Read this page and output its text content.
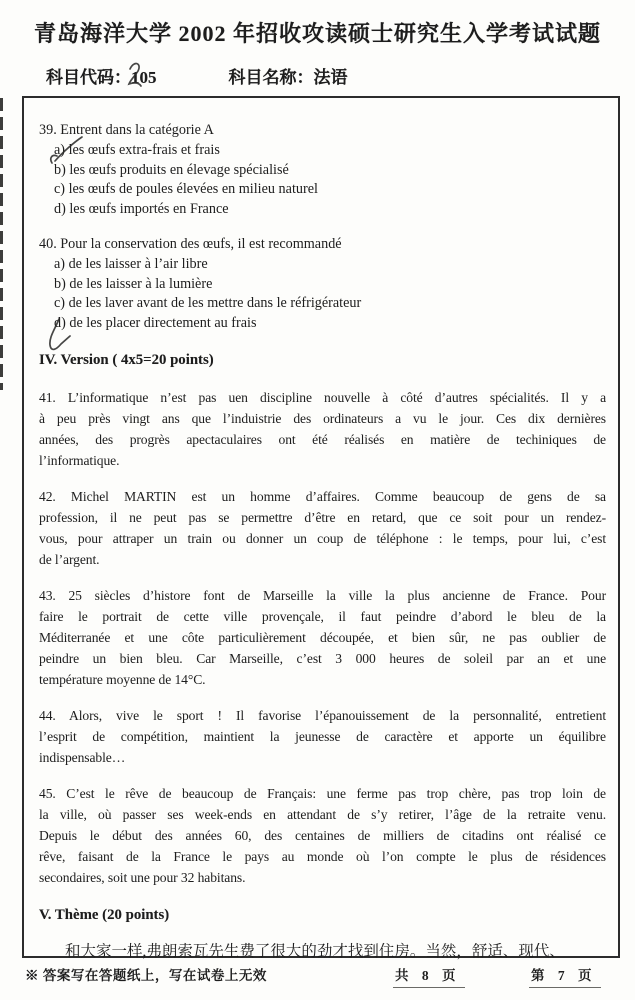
青岛海洋大学 2002 年招收攻读硕士研究生入学考试试题
科目代码：105	科目名称：法语
39. Entrent dans la catégorie A
a) les œufs extra-frais et frais
b) les œufs produits en élevage spécialisé
c) les œufs de poules élevées en milieu naturel
d) les œufs importés en France
40. Pour la conservation des œufs, il est recommandé
a) de les laisser à l’air libre
b) de les laisser à la lumière
c) de les laver avant de les mettre dans le réfrigérateur
d) de les placer directement au frais
IV. Version ( 4x5=20 points)
41. L’informatique n’est pas uen discipline nouvelle à côté d’autres spécialités. Il y a
à peu près vingt ans que l’induistrie des ordinateurs a vu le jour. Ces dix dernières
années, des progrès apectaculaires ont été réalisés en matière de techiniques de
l’informatique.
42. Michel MARTIN est un homme d’affaires. Comme beaucoup de gens de sa
profession, il ne peut pas se permettre d’être en retard, que ce soit pour un rendez-
vous, pour attraper un train ou donner un coup de téléphone : le temps, pour lui, c’est
de l’argent.
43. 25 siècles d’histore font de Marseille la ville la plus ancienne de France. Pour
faire le portrait de cette ville provençale, il faut peindre d’abord le bleu de la
Méditerranée et une côte particulièrement découpée, et bien sûr, ne pas oublier de
peindre un bien bleu. Car Marseille, c’est 3 000 heures de soleil par an et une
température moyenne de 14°C.
44. Alors, vive le sport ! Il favorise l’épanouissement de la personnalité, entretient
l’esprit de compétition, maintient la jeunesse de caractère et apporte un équilibre
indispensable…
45. C’est le rêve de beaucoup de Français: une ferme pas trop chère, pas trop loin de
la ville, où passer ses week-ends en attendant de s’y retirer, l’âge de la retraite venu.
Depuis le début des années 60, des centaines de milliers de citadins ont réalisé ce
rêve, faisant de la France le pays au monde où l’on compte le plus de résidences
secondaires, soit une pour 32 habitans.
V. Thème (20 points)
和大家一样,弗朗索瓦先生费了很大的劲才找到住房。当然，舒适、现代、
※ 答案写在答题纸上，写在试卷上无效	共 8 页	第 7 页
